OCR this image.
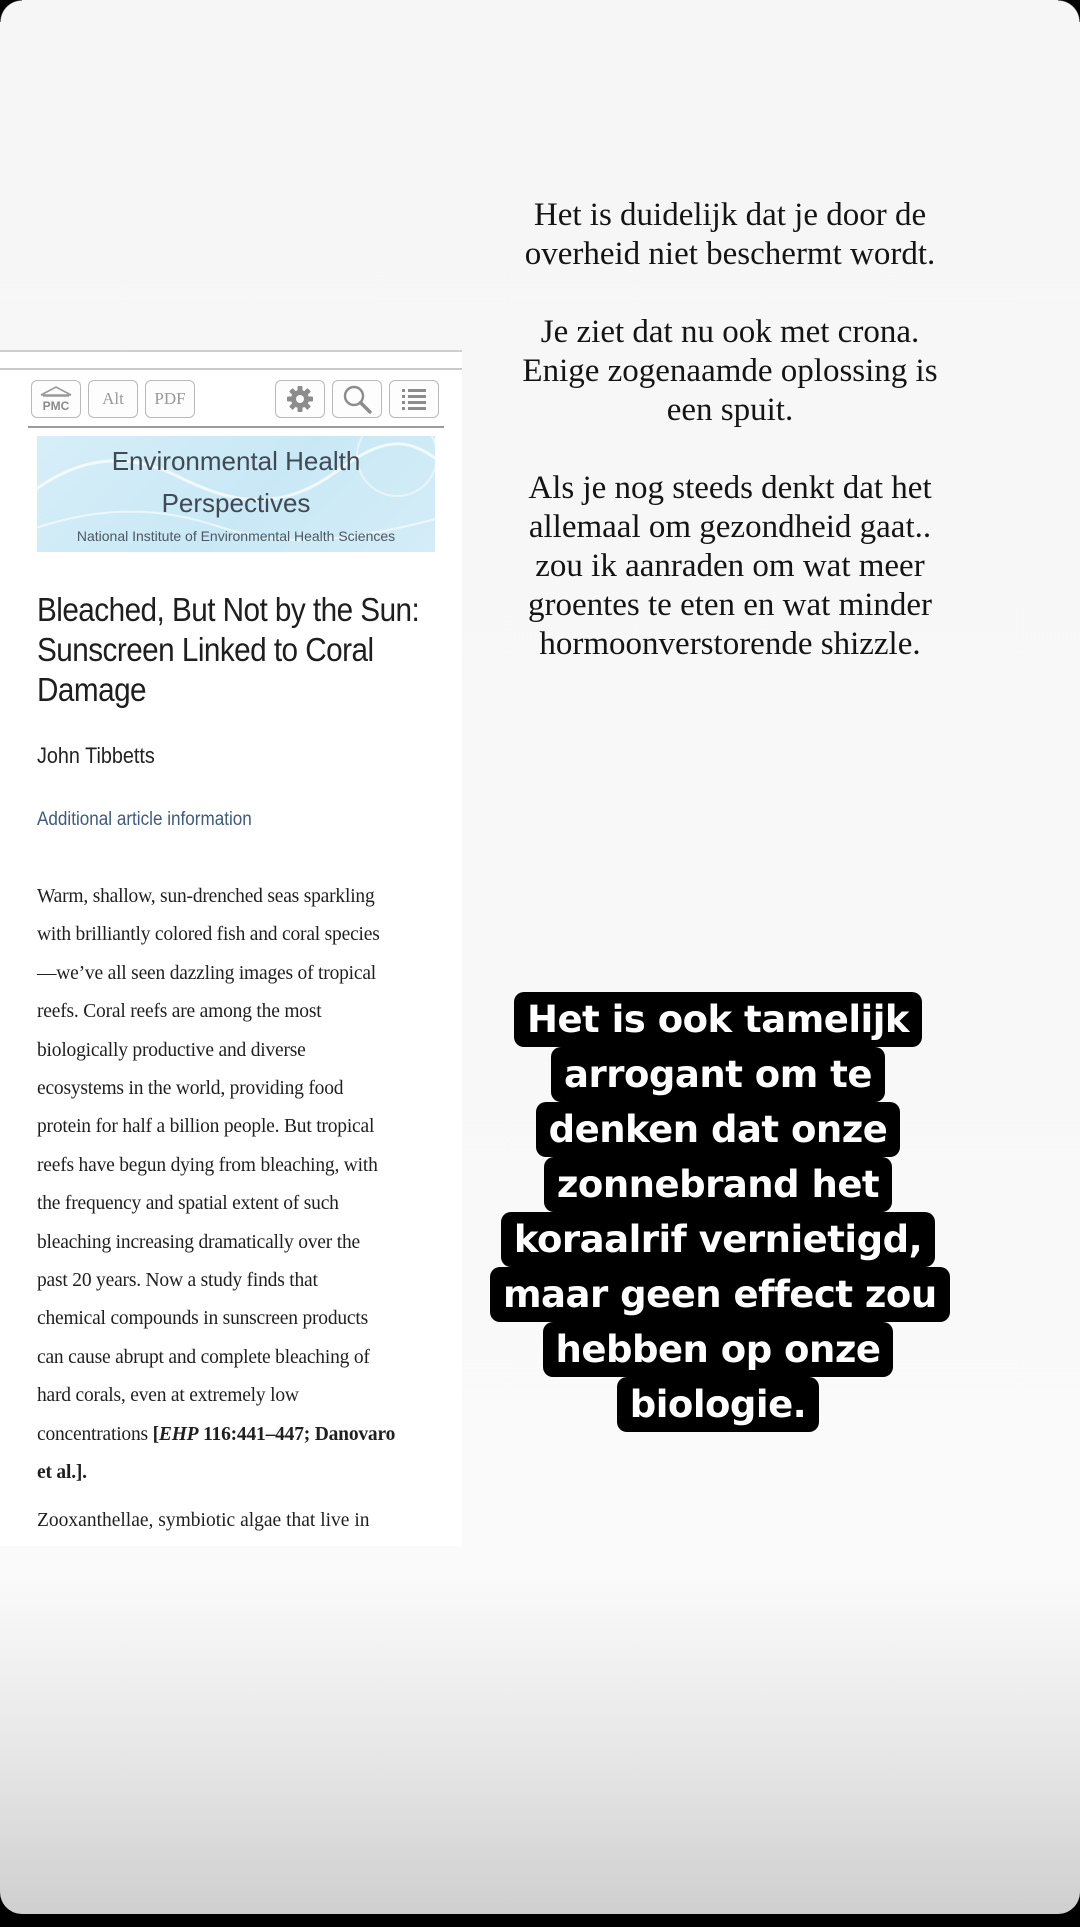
PMC Alt PDF
Environmental Health
Perspectives
National Institute of Environmental Health Sciences
Bleached, But Not by the Sun: Sunscreen Linked to Coral Damage
John Tibbetts
Additional article information
Warm, shallow, sun-drenched seas sparkling
with brilliantly colored fish and coral species
—we’ve all seen dazzling images of tropical
reefs. Coral reefs are among the most
biologically productive and diverse
ecosystems in the world, providing food
protein for half a billion people. But tropical
reefs have begun dying from bleaching, with
the frequency and spatial extent of such
bleaching increasing dramatically over the
past 20 years. Now a study finds that
chemical compounds in sunscreen products
can cause abrupt and complete bleaching of
hard corals, even at extremely low
concentrations [EHP 116:441–447; Danovaro
et al.].
Zooxanthellae, symbiotic algae that live in

Het is duidelijk dat je door de overheid niet beschermt wordt.

Je ziet dat nu ook met crona. Enige zogenaamde oplossing is een spuit.

Als je nog steeds denkt dat het allemaal om gezondheid gaat.. zou ik aanraden om wat meer groentes te eten en wat minder hormoonverstorende shizzle.

Het is ook tamelijk
arrogant om te
denken dat onze
zonnebrand het
koraalrif vernietigd,
maar geen effect zou
hebben op onze
biologie.
